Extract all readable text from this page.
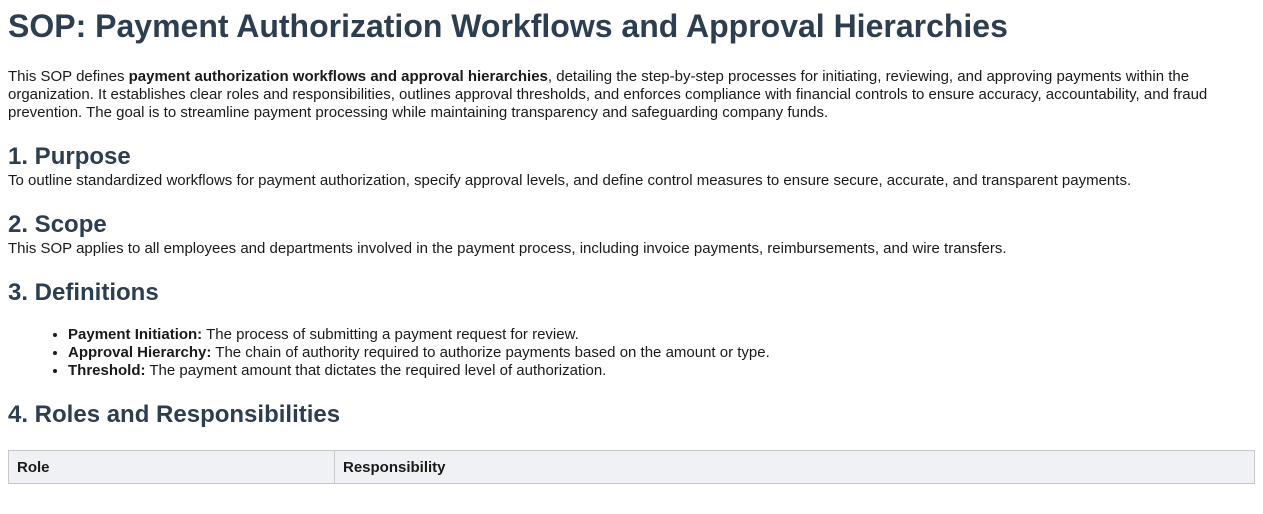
SOP: Payment Authorization Workflows and Approval Hierarchies

This SOP defines payment authorization workflows and approval hierarchies, detailing the step-by-step processes for initiating, reviewing, and approving payments within the organization. It establishes clear roles and responsibilities, outlines approval thresholds, and enforces compliance with financial controls to ensure accuracy, accountability, and fraud prevention. The goal is to streamline payment processing while maintaining transparency and safeguarding company funds.

1. Purpose

To outline standardized workflows for payment authorization, specify approval levels, and define control measures to ensure secure, accurate, and transparent payments.

2. Scope

This SOP applies to all employees and departments involved in the payment process, including invoice payments, reimbursements, and wire transfers.

3. Definitions
• Payment Initiation: The process of submitting a payment request for review.
• Approval Hierarchy: The chain of authority required to authorize payments based on the amount or type.
• Threshold: The payment amount that dictates the required level of authorization.
4. Roles and Responsibilities
Role	Responsibility
